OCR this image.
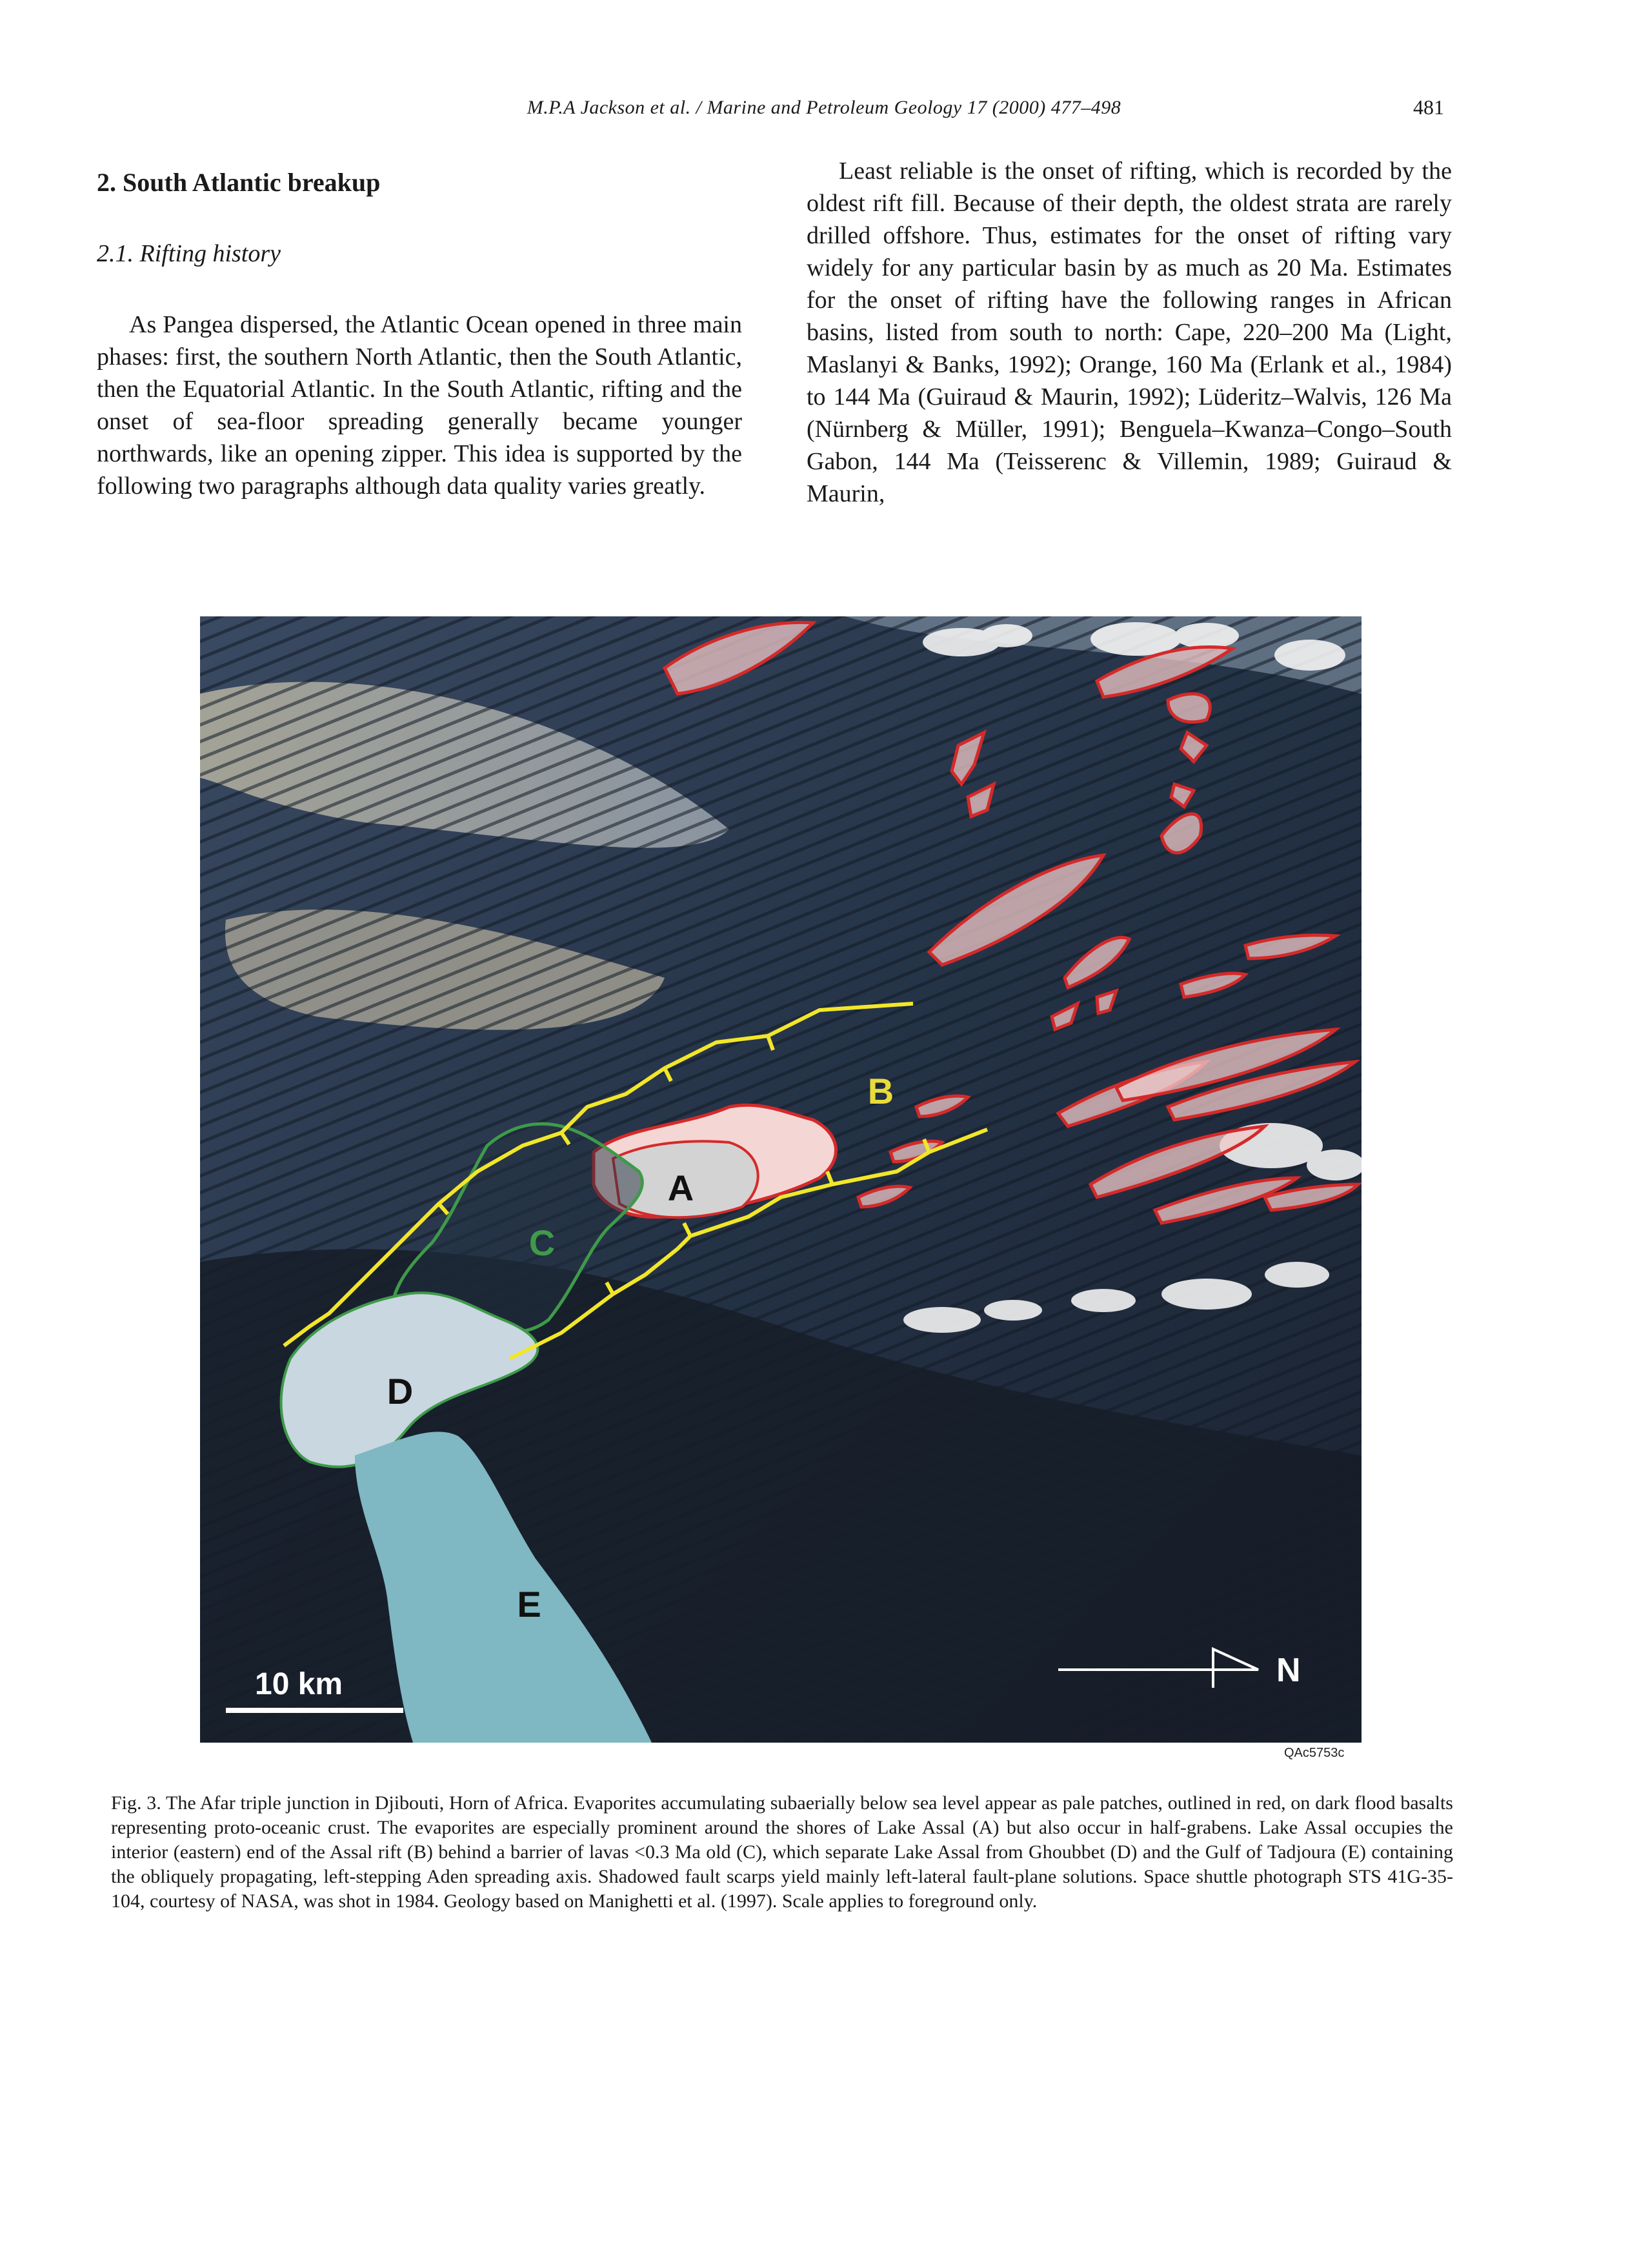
M.P.A Jackson et al. / Marine and Petroleum Geology 17 (2000) 477–498	481
2. South Atlantic breakup
2.1. Rifting history

As Pangea dispersed, the Atlantic Ocean opened in three main phases: first, the southern North Atlantic, then the South Atlantic, then the Equatorial Atlantic. In the South Atlantic, rifting and the onset of sea-floor spreading generally became younger northwards, like an opening zipper. This idea is supported by the following two paragraphs although data quality varies greatly.

Least reliable is the onset of rifting, which is recorded by the oldest rift fill. Because of their depth, the oldest strata are rarely drilled offshore. Thus, estimates for the onset of rifting vary widely for any particular basin by as much as 20 Ma. Estimates for the onset of rifting have the following ranges in African basins, listed from south to north: Cape, 220–200 Ma (Light, Maslanyi & Banks, 1992); Orange, 160 Ma (Erlank et al., 1984) to 144 Ma (Guiraud & Maurin, 1992); Lüderitz–Walvis, 126 Ma (Nürnberg & Müller, 1991); Benguela–Kwanza–Congo–South Gabon, 144 Ma (Teisserenc & Villemin, 1989; Guiraud & Maurin,

A
B
C
D
E
10 km	N
QAc5753c
Fig. 3. The Afar triple junction in Djibouti, Horn of Africa. Evaporites accumulating subaerially below sea level appear as pale patches, outlined in red, on dark flood basalts representing proto-oceanic crust. The evaporites are especially prominent around the shores of Lake Assal (A) but also occur in half-grabens. Lake Assal occupies the interior (eastern) end of the Assal rift (B) behind a barrier of lavas <0.3 Ma old (C), which separate Lake Assal from Ghoubbet (D) and the Gulf of Tadjoura (E) containing the obliquely propagating, left-stepping Aden spreading axis. Shadowed fault scarps yield mainly left-lateral fault-plane solutions. Space shuttle photograph STS 41G-35-104, courtesy of NASA, was shot in 1984. Geology based on Manighetti et al. (1997). Scale applies to foreground only.
